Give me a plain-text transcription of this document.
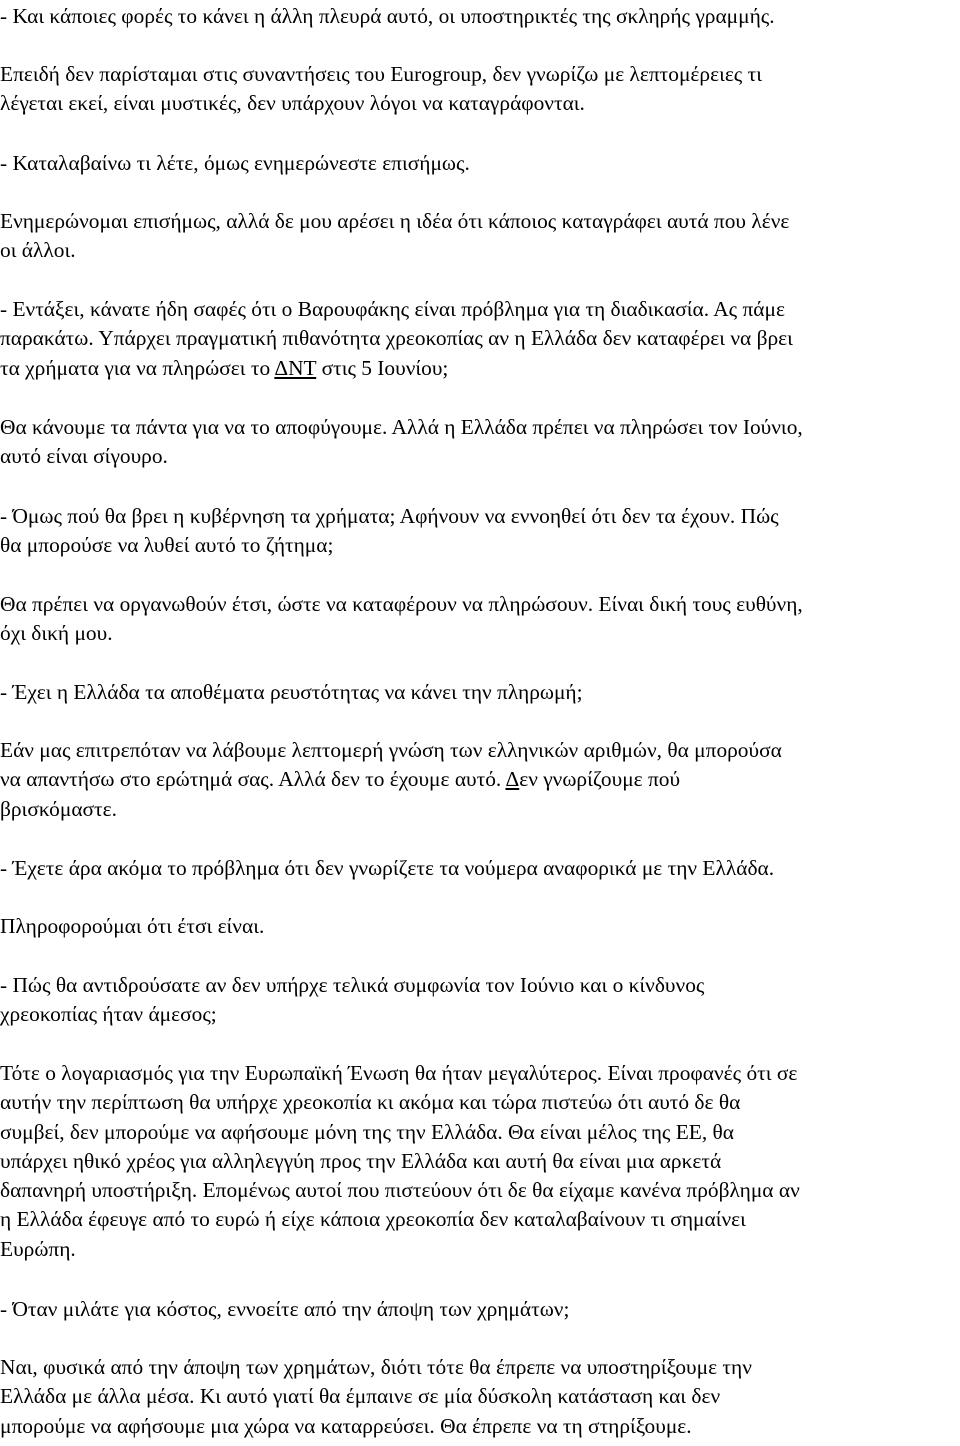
- Και κάποιες φορές το κάνει η άλλη πλευρά αυτό, οι υποστηρικτές της σκληρής γραμμής.

Επειδή δεν παρίσταμαι στις συναντήσεις του Eurogroup, δεν γνωρίζω με λεπτομέρειες τι
λέγεται εκεί, είναι μυστικές, δεν υπάρχουν λόγοι να καταγράφονται.

- Καταλαβαίνω τι λέτε, όμως ενημερώνεστε επισήμως.

Ενημερώνομαι επισήμως, αλλά δε μου αρέσει η ιδέα ότι κάποιος καταγράφει αυτά που λένε
οι άλλοι.

- Εντάξει, κάνατε ήδη σαφές ότι ο Βαρουφάκης είναι πρόβλημα για τη διαδικασία. Ας πάμε
παρακάτω. Υπάρχει πραγματική πιθανότητα χρεοκοπίας αν η Ελλάδα δεν καταφέρει να βρει
τα χρήματα για να πληρώσει το ΔΝΤ στις 5 Ιουνίου;

Θα κάνουμε τα πάντα για να το αποφύγουμε. Αλλά η Ελλάδα πρέπει να πληρώσει τον Ιούνιο,
αυτό είναι σίγουρο.

- Όμως πού θα βρει η κυβέρνηση τα χρήματα; Αφήνουν να εννοηθεί ότι δεν τα έχουν. Πώς
θα μπορούσε να λυθεί αυτό το ζήτημα;

Θα πρέπει να οργανωθούν έτσι, ώστε να καταφέρουν να πληρώσουν. Είναι δική τους ευθύνη,
όχι δική μου.

- Έχει η Ελλάδα τα αποθέματα ρευστότητας να κάνει την πληρωμή;

Εάν μας επιτρεπόταν να λάβουμε λεπτομερή γνώση των ελληνικών αριθμών, θα μπορούσα
να απαντήσω στο ερώτημά σας. Αλλά δεν το έχουμε αυτό. Δεν γνωρίζουμε πού
βρισκόμαστε.

- Έχετε άρα ακόμα το πρόβλημα ότι δεν γνωρίζετε τα νούμερα αναφορικά με την Ελλάδα.

Πληροφορούμαι ότι έτσι είναι.

- Πώς θα αντιδρούσατε αν δεν υπήρχε τελικά συμφωνία τον Ιούνιο και ο κίνδυνος
χρεοκοπίας ήταν άμεσος;

Τότε ο λογαριασμός για την Ευρωπαϊκή Ένωση θα ήταν μεγαλύτερος. Είναι προφανές ότι σε
αυτήν την περίπτωση θα υπήρχε χρεοκοπία κι ακόμα και τώρα πιστεύω ότι αυτό δε θα
συμβεί, δεν μπορούμε να αφήσουμε μόνη της την Ελλάδα. Θα είναι μέλος της ΕΕ, θα
υπάρχει ηθικό χρέος για αλληλεγγύη προς την Ελλάδα και αυτή θα είναι μια αρκετά
δαπανηρή υποστήριξη. Επομένως αυτοί που πιστεύουν ότι δε θα είχαμε κανένα πρόβλημα αν
η Ελλάδα έφευγε από το ευρώ ή είχε κάποια χρεοκοπία δεν καταλαβαίνουν τι σημαίνει
Ευρώπη.

- Όταν μιλάτε για κόστος, εννοείτε από την άποψη των χρημάτων;

Ναι, φυσικά από την άποψη των χρημάτων, διότι τότε θα έπρεπε να υποστηρίξουμε την
Ελλάδα με άλλα μέσα. Κι αυτό γιατί θα έμπαινε σε μία δύσκολη κατάσταση και δεν
μπορούμε να αφήσουμε μια χώρα να καταρρεύσει. Θα έπρεπε να τη στηρίξουμε.
